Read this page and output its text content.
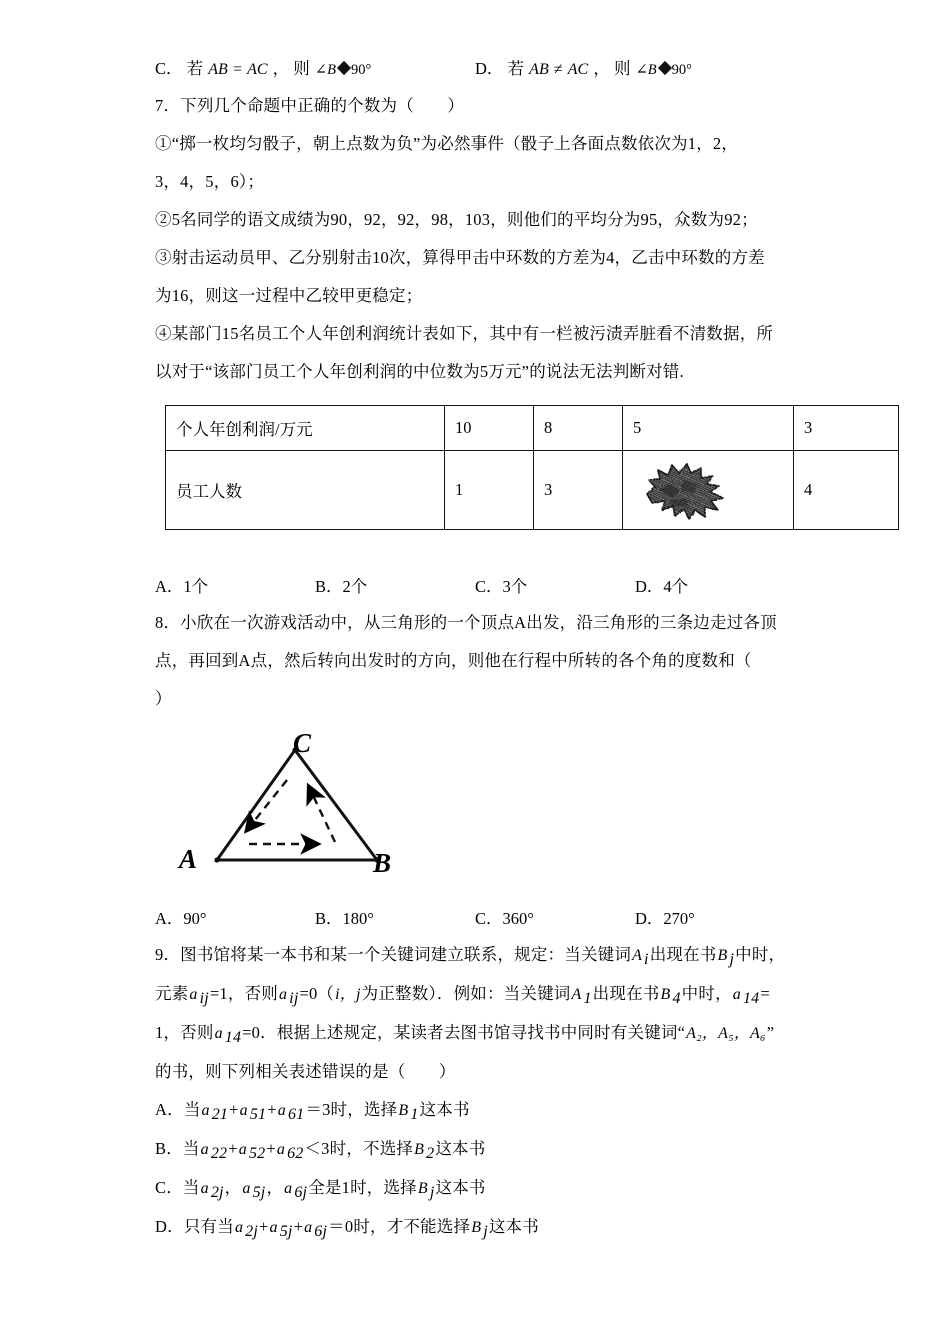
C． 若 AB = AC ， 则 ∠B 90°	D． 若 AB ≠ AC ， 则 ∠B 90°
7．下列几个命题中正确的个数为（　　）
①“掷一枚均匀骰子，朝上点数为负”为必然事件（骰子上各面点数依次为1，2，
3，4，5，6）；
②5名同学的语文成绩为90，92，92，98，103，则他们的平均分为95，众数为92；
③射击运动员甲、乙分别射击10次，算得甲击中环数的方差为4，乙击中环数的方差
为16，则这一过程中乙较甲更稳定；
④某部门15名员工个人年创利润统计表如下，其中有一栏被污渍弄脏看不清数据，所
以对于“该部门员工个人年创利润的中位数为5万元”的说法无法判断对错.
个人年创利润/万元	10	8	5	3
员工人数	1	3		4
A．1个	B．2个	C．3个	D．4个
8．小欣在一次游戏活动中，从三角形的一个顶点A出发，沿三角形的三条边走过各顶
点，再回到A点，然后转向出发时的方向，则他在行程中所转的各个角的度数和（
）
A	B
C
A．90°	B．180°	C．360°	D．270°
9．图书馆将某一本书和某一个关键词建立联系，规定：当关键词A $_i$出现在书B $_j$中时，
元素a $_{ij}$=1，否则a $_{ij}$=0（i，j为正整数）．例如：当关键词A $_1$出现在书B $_4$中时，a $_{14}$=
1，否则a $_{14}$=0．根据上述规定，某读者去图书馆寻找书中同时有关键词“A₂，A₅，A₆”
的书，则下列相关表述错误的是（　　）
A．当a $_{21}$+a $_{51}$+a $_{61}$＝3时，选择B $_1$这本书
B．当a $_{22}$+a $_{52}$+a $_{62}$＜3时，不选择B $_2$这本书
C．当a $_{2j}$，a $_{5j}$，a $_{6j}$全是1时，选择B $_j$这本书
D．只有当a $_{2j}$+a $_{5j}$+a $_{6j}$＝0时，才不能选择B $_j$这本书
